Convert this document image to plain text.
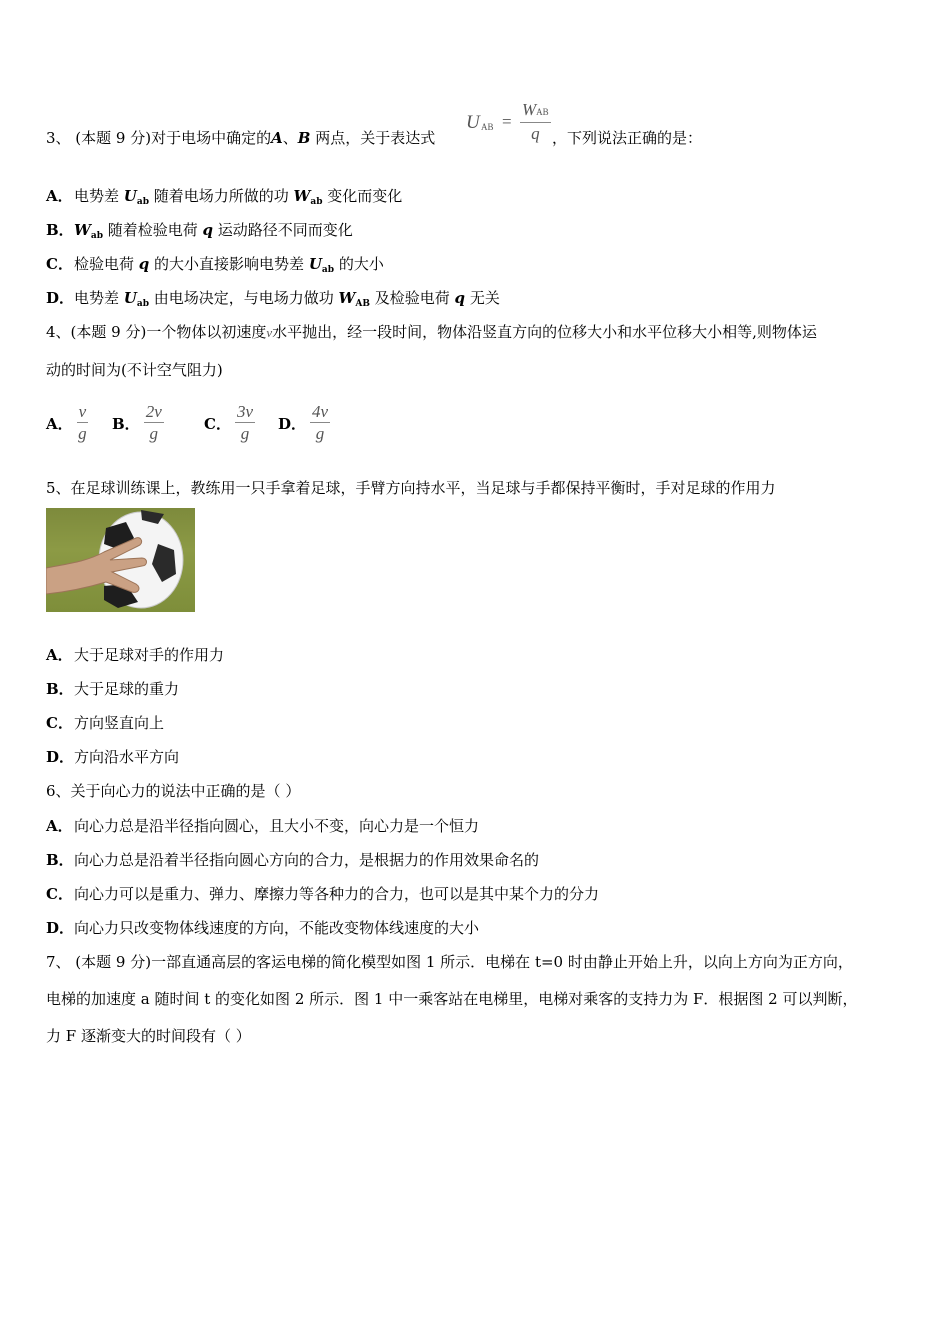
3、 (本题 9 分)对于电场中确定的A、B 两点，关于表达式
U AB =
WAB
q ，下列说法正确的是：
A．电势差 $U_{ab}$ 随着电场力所做的功 $W_{ab}$ 变化而变化
B．$W_{ab}$ 随着检验电荷 q 运动路径不同而变化
C．检验电荷 q 的大小直接影响电势差 $U_{ab}$ 的大小
D．电势差 $U_{ab}$ 由电场决定，与电场力做功 $W_{AB}$ 及检验电荷 q 无关
4、(本题 9 分)一个物体以初速度v水平抛出，经一段时间，物体沿竖直方向的位移大小和水平位移大小相等,则物体运
动的时间为(不计空气阻力)
A． $\frac{v}{g}$ B． $\frac{2v}{g}$	C． $\frac{3v}{g}$ D． $\frac{4v}{g}$
5、在足球训练课上，教练用一只手拿着足球，手臂方向持水平，当足球与手都保持平衡时，手对足球的作用力
A．大于足球对手的作用力
B．大于足球的重力
C．方向竖直向上
D．方向沿水平方向
6、关于向心力的说法中正确的是（ ）
A．向心力总是沿半径指向圆心，且大小不变，向心力是一个恒力
B．向心力总是沿着半径指向圆心方向的合力，是根据力的作用效果命名的
C．向心力可以是重力、弹力、摩擦力等各种力的合力，也可以是其中某个力的分力
D．向心力只改变物体线速度的方向，不能改变物体线速度的大小
7、 (本题 9 分)一部直通高层的客运电梯的简化模型如图 1 所示．电梯在 t=0 时由静止开始上升，以向上方向为正方向，
电梯的加速度 a 随时间 t 的变化如图 2 所示．图 1 中一乘客站在电梯里，电梯对乘客的支持力为 F．根据图 2 可以判断，
力 F 逐渐变大的时间段有（ ）
